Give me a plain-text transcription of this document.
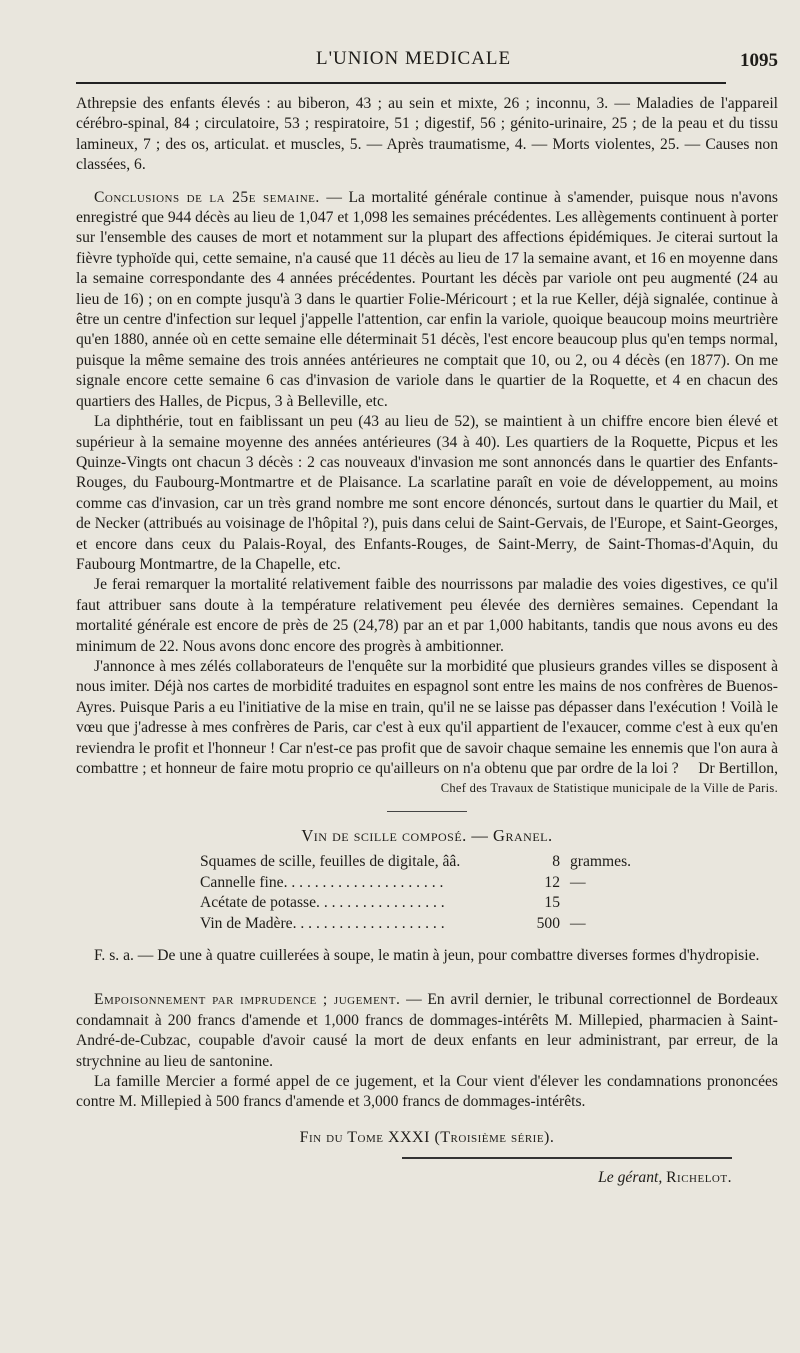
L'UNION MEDICALE	1095

Athrepsie des enfants élevés : au biberon, 43 ; au sein et mixte, 26 ; inconnu, 3. — Maladies de l'appareil cérébro-spinal, 84 ; circulatoire, 53 ; respiratoire, 51 ; digestif, 56 ; génito-urinaire, 25 ; de la peau et du tissu lamineux, 7 ; des os, articulat. et muscles, 5. — Après traumatisme, 4. — Morts violentes, 25. — Causes non classées, 6.

Conclusions de la 25e semaine. — La mortalité générale continue à s'amender, puisque nous n'avons enregistré que 944 décès au lieu de 1,047 et 1,098 les semaines précédentes. Les allègements continuent à porter sur l'ensemble des causes de mort et notamment sur la plupart des affections épidémiques. Je citerai surtout la fièvre typhoïde qui, cette semaine, n'a causé que 11 décès au lieu de 17 la semaine avant, et 16 en moyenne dans la semaine correspondante des 4 années précédentes. Pourtant les décès par variole ont peu augmenté (24 au lieu de 16) ; on en compte jusqu'à 3 dans le quartier Folie-Méricourt ; et la rue Keller, déjà signalée, continue à être un centre d'infection sur lequel j'appelle l'attention, car enfin la variole, quoique beaucoup moins meurtrière qu'en 1880, année où en cette semaine elle déterminait 51 décès, l'est encore beaucoup plus qu'en temps normal, puisque la même semaine des trois années antérieures ne comptait que 10, ou 2, ou 4 décès (en 1877). On me signale encore cette semaine 6 cas d'invasion de variole dans le quartier de la Roquette, et 4 en chacun des quartiers des Halles, de Picpus, 3 à Belleville, etc.

La diphthérie, tout en faiblissant un peu (43 au lieu de 52), se maintient à un chiffre encore bien élevé et supérieur à la semaine moyenne des années antérieures (34 à 40). Les quartiers de la Roquette, Picpus et les Quinze-Vingts ont chacun 3 décès : 2 cas nouveaux d'invasion me sont annoncés dans le quartier des Enfants-Rouges, du Faubourg-Montmartre et de Plaisance. La scarlatine paraît en voie de développement, au moins comme cas d'invasion, car un très grand nombre me sont encore dénoncés, surtout dans le quartier du Mail, et de Necker (attribués au voisinage de l'hôpital ?), puis dans celui de Saint-Gervais, de l'Europe, et Saint-Georges, et encore dans ceux du Palais-Royal, des Enfants-Rouges, de Saint-Merry, de Saint-Thomas-d'Aquin, du Faubourg Montmartre, de la Chapelle, etc.

Je ferai remarquer la mortalité relativement faible des nourrissons par maladie des voies digestives, ce qu'il faut attribuer sans doute à la température relativement peu élevée des dernières semaines. Cependant la mortalité générale est encore de près de 25 (24,78) par an et par 1,000 habitants, tandis que nous avons eu des minimum de 22. Nous avons donc encore des progrès à ambitionner.

J'annonce à mes zélés collaborateurs de l'enquête sur la morbidité que plusieurs grandes villes se disposent à nous imiter. Déjà nos cartes de morbidité traduites en espagnol sont entre les mains de nos confrères de Buenos-Ayres. Puisque Paris a eu l'initiative de la mise en train, qu'il ne se laisse pas dépasser dans l'exécution ! Voilà le vœu que j'adresse à mes confrères de Paris, car c'est à eux qu'il appartient de l'exaucer, comme c'est à eux qu'en reviendra le profit et l'honneur ! Car n'est-ce pas profit que de savoir chaque semaine les ennemis que l'on aura à combattre ; et honneur de faire motu proprio ce qu'ailleurs on n'a obtenu que par ordre de la loi ?	Dr Bertillon,
Chef des Travaux de Statistique municipale de la Ville de Paris.
Vin de scille composé. — Granel.
Squames de scille, feuilles de digitale, ââ.	8 grammes.
Cannelle fine. . . . . . . . . . . . . . . . . . . . .	12 —
Acétate de potasse. . . . . . . . . . . . . . . . .	15
Vin de Madère. . . . . . . . . . . . . . . . . . . .	500 —

F. s. a. — De une à quatre cuillerées à soupe, le matin à jeun, pour combattre diverses formes d'hydropisie.

Empoisonnement par imprudence ; jugement. — En avril dernier, le tribunal correctionnel de Bordeaux condamnait à 200 francs d'amende et 1,000 francs de dommages-intérêts M. Millepied, pharmacien à Saint-André-de-Cubzac, coupable d'avoir causé la mort de deux enfants en leur administrant, par erreur, de la strychnine au lieu de santonine.

La famille Mercier a formé appel de ce jugement, et la Cour vient d'élever les condamnations prononcées contre M. Millepied à 500 francs d'amende et 3,000 francs de dommages-intérêts.

Fin du Tome XXXI (Troisième série).
Le gérant, Richelot.
